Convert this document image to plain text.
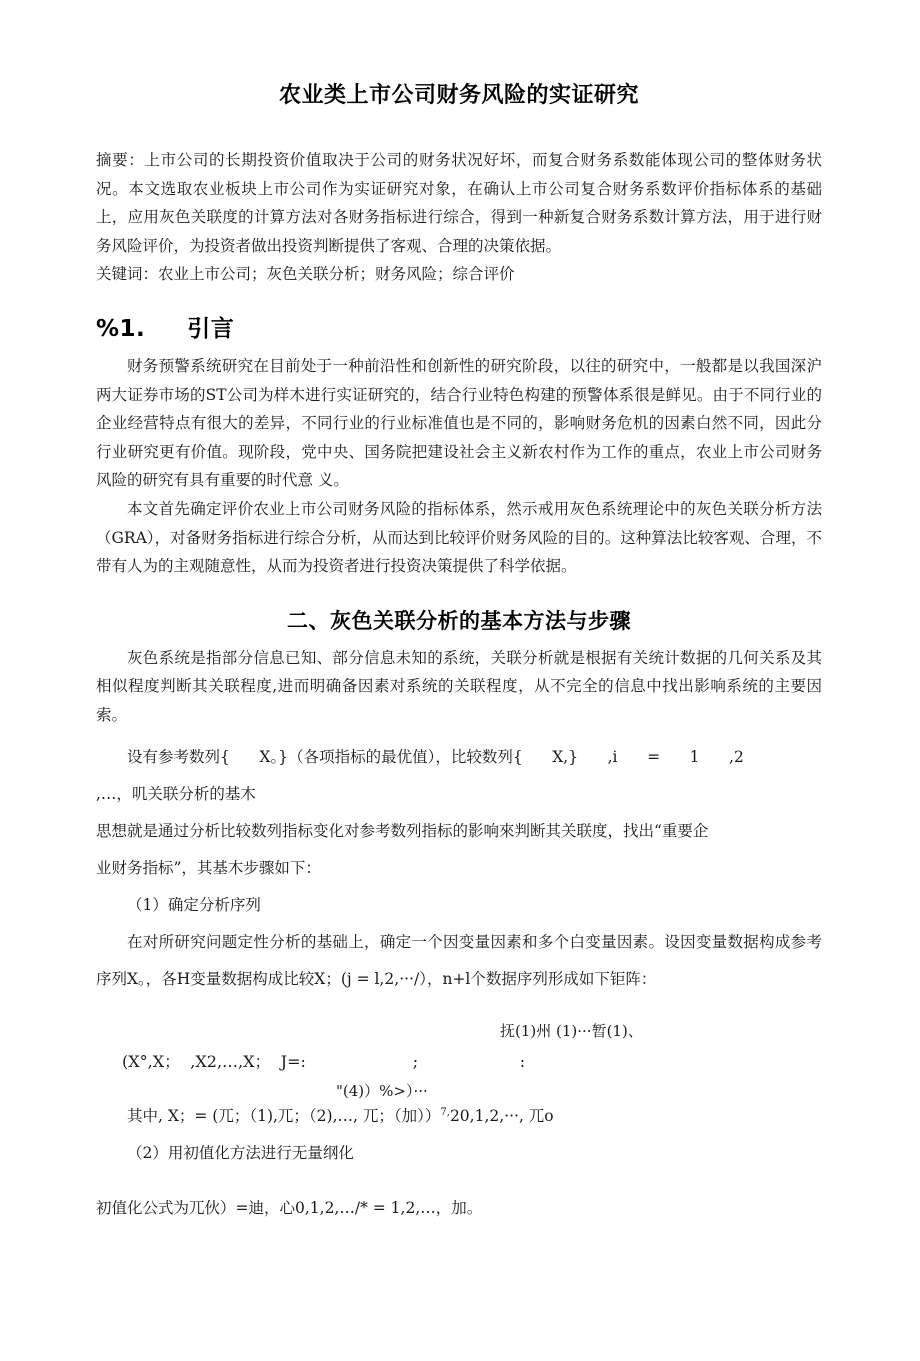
农业类上市公司财务风险的实证研究
摘要：上市公司的长期投资价值取决于公司的财务状况好坏，而复合财务系数能体现公司的整体财务状况。本文选取农业板块上市公司作为实证研究对象，在确认上市公司复合财务系数评价指标体系的基础上，应用灰色关联度的计算方法对各财务指标进行综合，得到一种新复合财务系数计算方法，用于进行财务风险评价，为投资者做出投资判断提供了客观、合理的决策依据。
关键词：农业上市公司；灰色关联分析；财务风险；综合评价
%1. 引言

财务预警系统研究在目前处于一种前沿性和创新性的研究阶段，以往的研究中，一般都是以我国深沪两大证券市场的ST公司为样木进行实证研究的，结合行业特色构建的预警体系很是鲜见。由于不同行业的企业经营特点有很大的差异，不同行业的行业标准值也是不同的，影响财务危机的因素白然不同，因此分行业研究更有价值。现阶段，党中央、国务院把建设社会主义新农村作为工作的重点，农业上市公司财务风险的研究有具有重要的时代意 义。

本文首先确定评价农业上市公司财务风险的指标体系，然示戒用灰色系统理论中的灰色关联分析方法（GRA），对备财务指标进行综合分析，从而达到比较评价财务风险的目的。这种算法比较客观、合理，不带有人为的主观随意性，从而为投资者进行投资决策提供了科学依据。

二、灰色关联分析的基本方法与步骤

灰色系统是指部分信息已知、部分信息未知的系统，关联分析就是根据有关统计数据的几何关系及其相似程度判断其关联程度,进而明确备因素对系统的关联程度，从不完全的信息中找出影响系统的主要因索。

设有参考数列{      X。}（各项指标的最优值），比较数列{      X,}      ,i      =      1      ,2

,…，叽关联分析的基木

思想就是通过分析比较数列指标变化对参考数列指标的影响來判断其关联度，找出“重要企

业财务指标”，其基木步骤如下：

（1）确定分析序列

在对所研究问题定性分析的基础上，确定一个因变量因素和多个白变量因素。设因变量数据构成参考序列X。，各H变量数据构成比较X；(j = l,2,···/），n+l个数据序列形成如下钜阵：

抚(1)州 (1)···暂(1)、
(X°,X；  ,X2,…,X；  J=:                     ;                    :
"(4)）%>）···

其中, X；= (兀；（1),兀；（2),…, 兀；（加））$^{7,}$20,1,2,···, 兀o

（2）用初值化方法进行无量纲化

初值化公式为兀伙）=迪，心0,1,2,…/* = 1,2,…，加。
